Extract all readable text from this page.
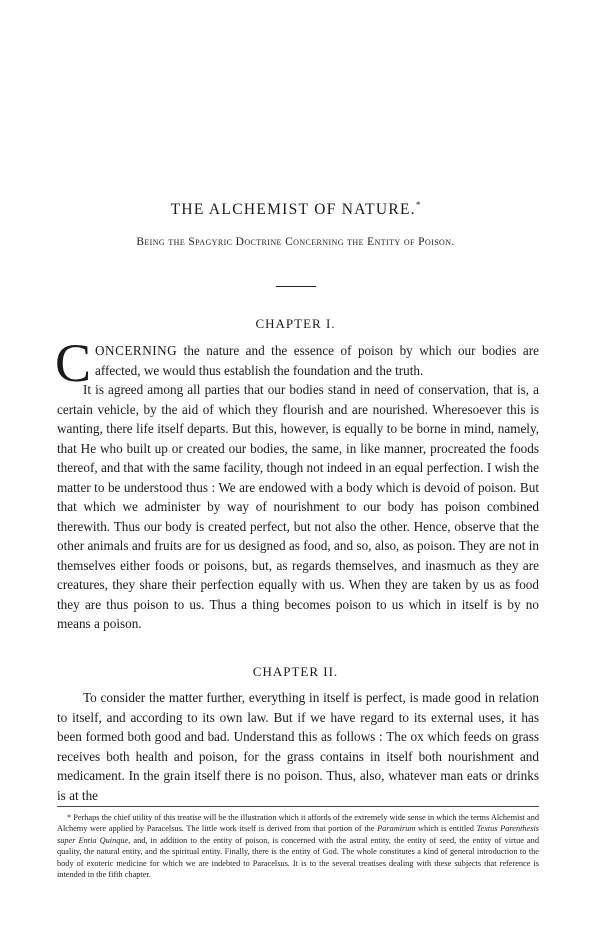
THE ALCHEMIST OF NATURE.*
Being the Spagyric Doctrine Concerning the Entity of Poison.
CHAPTER I.

CONCERNING the nature and the essence of poison by which our bodies are affected, we would thus establish the foundation and the truth.

It is agreed among all parties that our bodies stand in need of conservation, that is, a certain vehicle, by the aid of which they flourish and are nourished. Wheresoever this is wanting, there life itself departs. But this, however, is equally to be borne in mind, namely, that He who built up or created our bodies, the same, in like manner, procreated the foods thereof, and that with the same facility, though not indeed in an equal perfection. I wish the matter to be understood thus : We are endowed with a body which is devoid of poison. But that which we administer by way of nourishment to our body has poison combined therewith. Thus our body is created perfect, but not also the other. Hence, observe that the other animals and fruits are for us designed as food, and so, also, as poison. They are not in themselves either foods or poisons, but, as regards themselves, and inasmuch as they are creatures, they share their perfection equally with us. When they are taken by us as food they are thus poison to us. Thus a thing becomes poison to us which in itself is by no means a poison.

CHAPTER II.

To consider the matter further, everything in itself is perfect, is made good in relation to itself, and according to its own law. But if we have regard to its external uses, it has been formed both good and bad. Understand this as follows : The ox which feeds on grass receives both health and poison, for the grass contains in itself both nourishment and medicament. In the grain itself there is no poison. Thus, also, whatever man eats or drinks is at the

* Perhaps the chief utility of this treatise will be the illustration which it affords of the extremely wide sense in which the terms Alchemist and Alchemy were applied by Paracelsus. The little work itself is derived from that portion of the Paramirum which is entitled Textus Parenthesis super Entia Quinque, and, in addition to the entity of poison, is concerned with the astral entity, the entity of seed, the entity of virtue and quality, the natural entity, and the spiritual entity. Finally, there is the entity of God. The whole constitutes a kind of general introduction to the body of exoteric medicine for which we are indebted to Paracelsus. It is to the several treatises dealing with these subjects that reference is intended in the fifth chapter.
